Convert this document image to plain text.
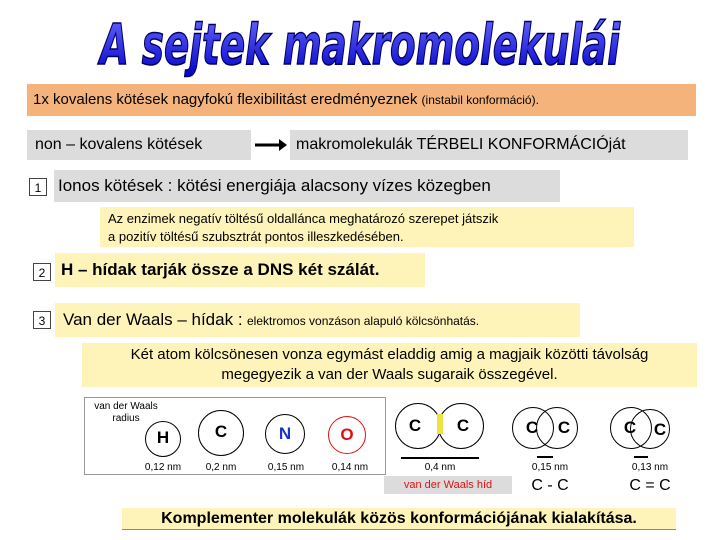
A sejtek makromolekulái
1x kovalens kötések nagyfokú flexibilitást eredményeznek (instabil konformáció).
non – kovalens kötések	makromolekulák TÉRBELI KONFORMÁCIÓját
1 Ionos kötések : kötési energiája alacsony vízes közegben
Az enzimek negatív töltésű oldallánca meghatározó szerepet játszik
a pozitív töltésű szubsztrát pontos illeszkedésében.
2 H – hídak tarják össze a DNS két szálát.
3	Van der Waals – hídak : elektromos vonzáson alapuló kölcsönhatás.
Két atom kölcsönesen vonza egymást eladdig amig a magjaik közötti távolság
megegyezik a van der Waals sugaraik összegével.
van der Waals
radius
H
0,12 nm
C
0,2 nm
N
0,15 nm
O
0,14 nm
C	C
0,4 nm
van der Waals híd
C	C
0,15 nm
C - C
C	C
0,13 nm
C = C
Komplementer molekulák közös konformációjának kialakítása.
